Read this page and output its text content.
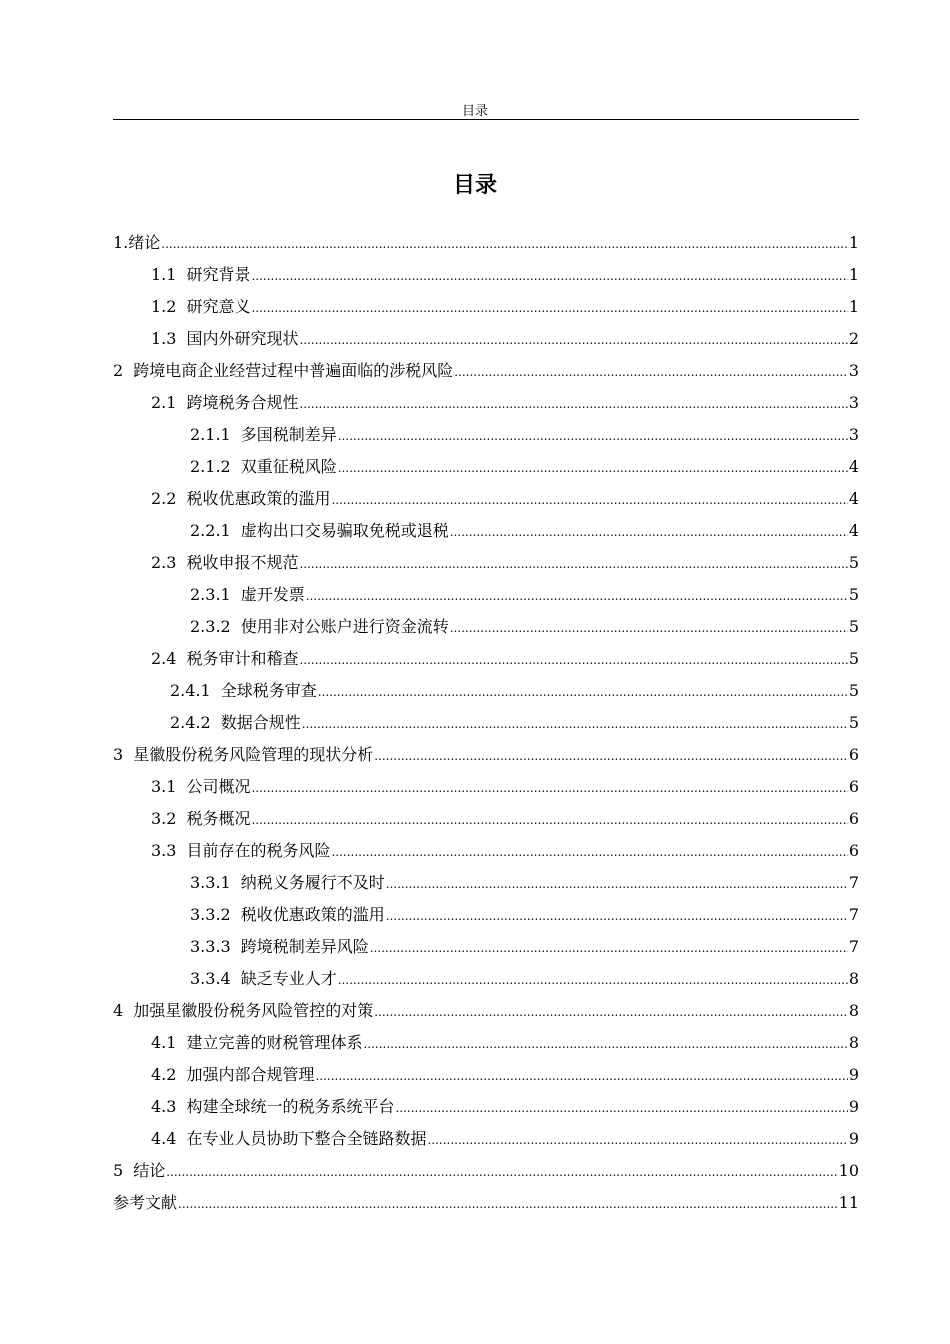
目录
目录
1.绪论 .....	1
1.1 研究背景 .....	1
1.2 研究意义 .....	1
1.3 国内外研究现状 .....	2
2 跨境电商企业经营过程中普遍面临的涉税风险 .....	3
2.1 跨境税务合规性 .....	3
2.1.1 多国税制差异 .....	3
2.1.2 双重征税风险 .....	4
2.2 税收优惠政策的滥用 .....	4
2.2.1 虚构出口交易骗取免税或退税 .....	4
2.3 税收申报不规范 .....	5
2.3.1 虚开发票 .....	5
2.3.2 使用非对公账户进行资金流转 .....	5
2.4 税务审计和稽查 .....	5
2.4.1 全球税务审查 .....	5
2.4.2 数据合规性 .....	5
3 星徽股份税务风险管理的现状分析 .....	6
3.1 公司概况 .....	6
3.2 税务概况 .....	6
3.3 目前存在的税务风险 .....	6
3.3.1 纳税义务履行不及时 .....	7
3.3.2 税收优惠政策的滥用 .....	7
3.3.3 跨境税制差异风险 .....	7
3.3.4 缺乏专业人才 .....	8
4 加强星徽股份税务风险管控的对策 .....	8
4.1 建立完善的财税管理体系 .....	8
4.2 加强内部合规管理 .....	9
4.3 构建全球统一的税务系统平台 .....	9
4.4 在专业人员协助下整合全链路数据 .....	9
5 结论 .....	10
参考文献 .....	11
